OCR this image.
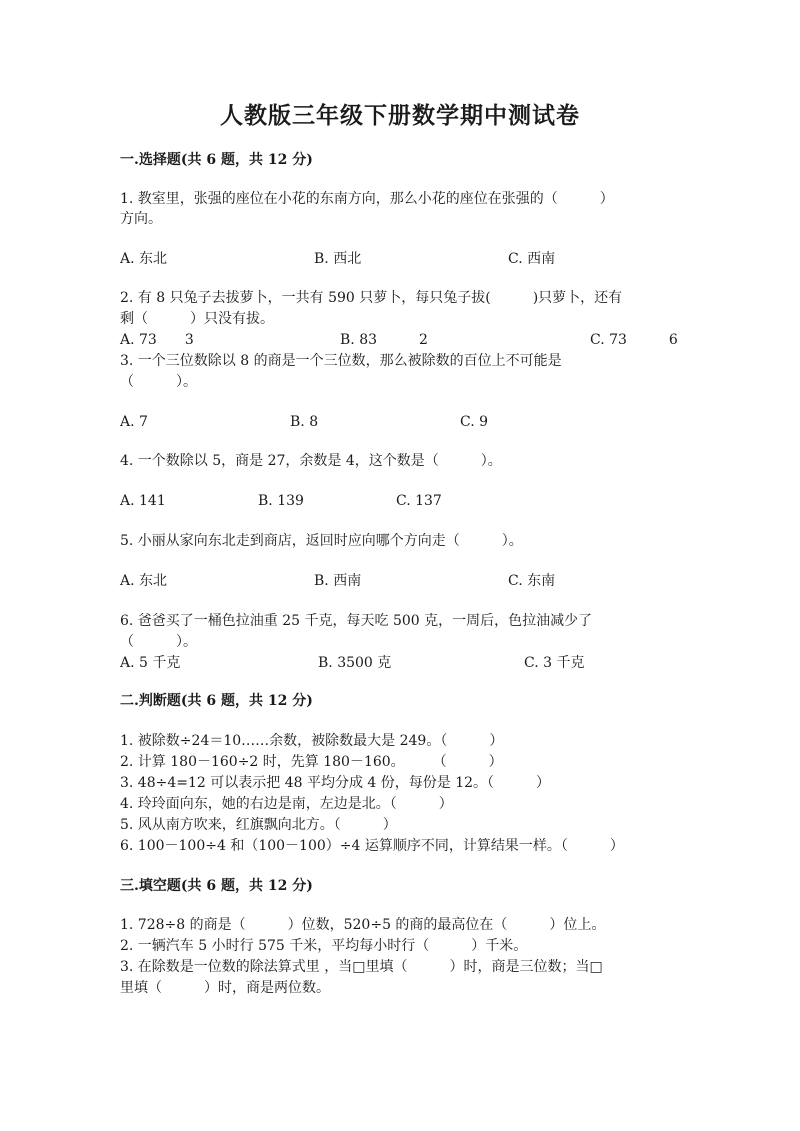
人教版三年级下册数学期中测试卷
一.选择题(共 6 题，共 12 分)
1. 教室里，张强的座位在小花的东南方向，那么小花的座位在张强的（　　　）
方向。
A. 东北	B. 西北	C. 西南
2. 有 8 只兔子去拔萝卜，一共有 590 只萝卜，每只兔子拔(　　　)只萝卜，还有
剩（　　　）只没有拔。
A. 73　　3	B. 83　　　2	C. 73　　　6
3. 一个三位数除以 8 的商是一个三位数，那么被除数的百位上不可能是
（　　　）。
A. 7	B. 8	C. 9
4. 一个数除以 5，商是 27，余数是 4，这个数是（　　　）。
A. 141	B. 139	C. 137
5. 小丽从家向东北走到商店，返回时应向哪个方向走（　　　）。
A. 东北	B. 西南	C. 东南
6. 爸爸买了一桶色拉油重 25 千克，每天吃 500 克，一周后，色拉油减少了
（　　　）。
A. 5 千克	B. 3500 克	C. 3 千克
二.判断题(共 6 题，共 12 分)
1. 被除数÷24＝10……余数，被除数最大是 249。（　　　）
2. 计算 180－160÷2 时，先算 180－160。　　　（　　　）
3. 48÷4=12 可以表示把 48 平均分成 4 份，每份是 12。（　　　）
4. 玲玲面向东，她的右边是南，左边是北。（　　　）
5. 风从南方吹来，红旗飘向北方。（　　　）
6. 100－100÷4 和（100－100）÷4 运算顺序不同，计算结果一样。（　　　）
三.填空题(共 6 题，共 12 分)
1. 728÷8 的商是（　　　）位数，520÷5 的商的最高位在（　　　）位上。
2. 一辆汽车 5 小时行 575 千米，平均每小时行（　　　）千米。
3. 在除数是一位数的除法算式里 ，当□里填（　　　）时，商是三位数；当□
里填（　　　）时，商是两位数。
